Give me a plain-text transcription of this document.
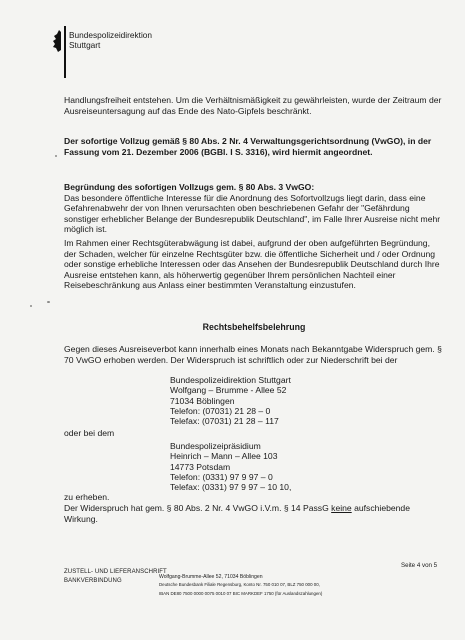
Bundespolizeidirektion
Stuttgart

Handlungsfreiheit entstehen. Um die Verhältnismäßigkeit zu gewährleisten, wurde der Zeitraum der Ausreiseuntersagung auf das Ende des Nato-Gipfels beschränkt.

Der sofortige Vollzug gemäß § 80 Abs. 2 Nr. 4 Verwaltungsgerichtsordnung (VwGO), in der Fassung vom 21. Dezember 2006 (BGBl. I S. 3316), wird hiermit angeordnet.

Begründung des sofortigen Vollzugs gem. § 80 Abs. 3 VwGO:
Das besondere öffentliche Interesse für die Anordnung des Sofortvollzugs liegt darin, dass eine Gefahrenabwehr der von Ihnen verursachten oben beschriebenen Gefahr der "Gefährdung sonstiger erheblicher Belange der Bundesrepublik Deutschland", im Falle Ihrer Ausreise nicht mehr möglich ist.

Im Rahmen einer Rechtsgüterabwägung ist dabei, aufgrund der oben aufgeführten Begründung, der Schaden, welcher für einzelne Rechtsgüter bzw. die öffentliche Sicherheit und / oder Ordnung oder sonstige erhebliche Interessen oder das Ansehen der Bundesrepublik Deutschland durch Ihre Ausreise entstehen kann, als höherwertig gegenüber Ihrem persönlichen Nachteil einer Reisebeschränkung aus Anlass einer bestimmten Veranstaltung einzustufen.

Rechtsbehelfsbelehrung

Gegen dieses Ausreiseverbot kann innerhalb eines Monats nach Bekanntgabe Widerspruch gem. § 70 VwGO erhoben werden. Der Widerspruch ist schriftlich oder zur Niederschrift bei der

Bundespolizeidirektion Stuttgart
Wolfgang – Brumme - Allee 52
71034 Böblingen
Telefon: (07031) 21 28 – 0
Telefax: (07031) 21 28 – 117
oder bei dem
Bundespolizeipräsidium
Heinrich – Mann – Allee 103
14773 Potsdam
Telefon: (0331) 97 9 97 – 0
Telefax: (0331) 97 9 97 – 10 10,
zu erheben.

Der Widerspruch hat gem. § 80 Abs. 2 Nr. 4 VwGO i.V.m. § 14 PassG keine aufschiebende Wirkung.

Seite 4 von 5
ZUSTELL- UND LIEFERANSCHRIFT
BANKVERBINDUNG
Wolfgang-Brumme-Allee 52, 71034 Böblingen
Deutsche Bundesbank Filiale Regensburg, Konto Nr. 750 010 07, BLZ 750 000 00,
IBAN DE80 7500 0000 0075 0010 07 BIC MARKDEF 1750 (für Auslandszahlungen)
